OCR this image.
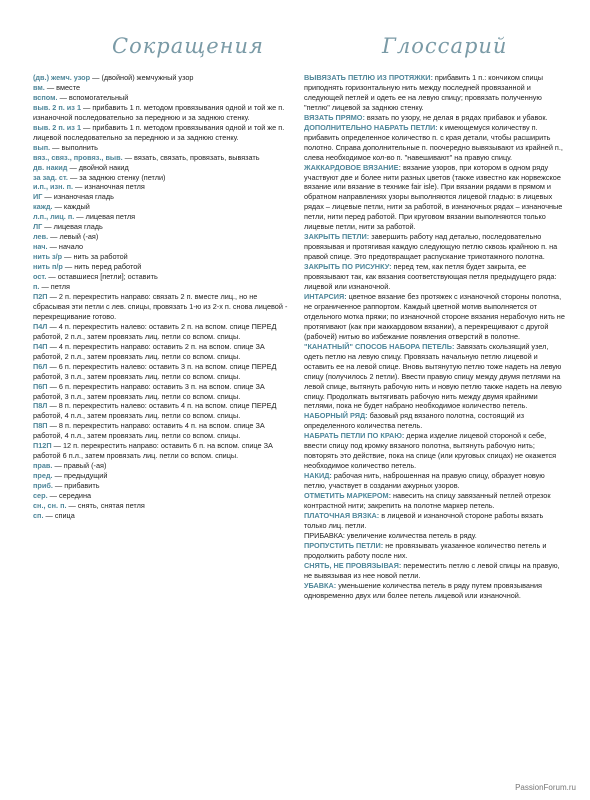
Сокращения	Глоссарий

(дв.) жемч. узор — (двойной) жемчужный узор

вм. — вместе

вспом. — вспомогательный

выв. 2 п. из 1 — прибавить 1 п. методом провязывания одной и той же п. изнаночной последовательно за переднюю и за заднюю стенку.

выв. 2 п. из 1 — прибавить 1 п. методом провязывания одной и той же п. лицевой последовательно за переднюю и за заднюю стенку.

вып. — выполнить

вяз., связ., провяз., выв. — вязать, связать, провязать, вывязать

дв. накид — двойной накид

за зад. ст. — за заднюю стенку (петли)

и.п., изн. п. — изнаночная петля

ИГ — изнаночная гладь

кажд. — каждый

л.п., лиц. п. — лицевая петля

ЛГ — лицевая гладь

лев. — левый (-ая)

нач. — начало

нить з/р — нить за работой

нить п/р — нить перед работой

ост. — оставшиеся [петли]; оставить

п. — петля

П2П — 2 п. перекрестить направо: связать 2 п. вместе лиц., но не сбрасывая эти петли с лев. спицы, провязать 1-ю из 2-х п. снова лицевой - перекрещивание готово.

П4Л — 4 п. перекрестить налево: оставить 2 п. на вспом. спице ПЕРЕД работой, 2 п.л., затем провязать лиц. петли со вспом. спицы.

П4П — 4 п. перекрестить направо: оставить 2 п. на вспом. спице ЗА работой, 2 п.л., затем провязать лиц. петли со вспом. спицы.

П6Л — 6 п. перекрестить налево: оставить 3 п. на вспом. спице ПЕРЕД работой, 3 п.л., затем провязать лиц. петли со вспом. спицы.

П6П — 6 п. перекрестить направо: оставить 3 п. на вспом. спице ЗА работой, 3 п.л., затем провязать лиц. петли со вспом. спицы.

П8Л — 8 п. перекрестить налево: оставить 4 п. на вспом. спице ПЕРЕД работой, 4 п.л., затем провязать лиц. петли со вспом. спицы.

П8П — 8 п. перекрестить направо: оставить 4 п. на вспом. спице ЗА работой, 4 п.л., затем провязать лиц. петли со вспом. спицы.

П12П — 12 п. перекрестить направо: оставить 6 п. на вспом. спице ЗА работой 6 п.л., затем провязать лиц. петли со вспом. спицы.

прав. — правый (-ая)

пред. — предыдущий

приб. — прибавить

сер. — середина

сн., сн. п. — снять, снятая петля

сп. — спица

ВЫВЯЗАТЬ ПЕТЛЮ ИЗ ПРОТЯЖКИ: прибавить 1 п.: кончиком спицы приподнять горизонтальную нить между последней провязанной и следующей петлей и одеть ее на левую спицу; провязать полученную "петлю" лицевой за заднюю стенку.

ВЯЗАТЬ ПРЯМО: вязать по узору, не делая в рядах прибавок и убавок.

ДОПОЛНИТЕЛЬНО НАБРАТЬ ПЕТЛИ: к имеющемуся количеству п. прибавить определенное количество п. с края детали, чтобы расширить полотно. Справа дополнительные п. поочередно вывязывают из крайней п., слева необходимое кол-во п. "навешивают" на правую спицу.

ЖАККАРДОВОЕ ВЯЗАНИЕ: вязание узоров, при котором в одном ряду участвуют две и более нити разных цветов (также известно как норвежское вязание или вязание в технике fair isle). При вязании рядами в прямом и обратном направлениях узоры выполняются лицевой гладью: в лицевых рядах – лицевые петли, нити за работой, в изнаночных рядах – изнаночные петли, нити перед работой. При круговом вязании выполняются только лицевые петли, нити за работой.

ЗАКРЫТЬ ПЕТЛИ: завершить работу над деталью, последовательно провязывая и протягивая каждую следующую петлю сквозь крайнюю п. на правой спице. Это предотвращает распускание трикотажного полотна.

ЗАКРЫТЬ ПО РИСУНКУ: перед тем, как петля будет закрыта, ее провязывают так, как вязания соответствующая петля предыдущего ряда: лицевой или изнаночной.

ИНТАРСИЯ: цветное вязание без протяжек с изнаночной стороны полотна, не ограниченное раппортом. Каждый цветной мотив выполняется от отдельного мотка пряжи; по изнаночной стороне вязания нерабочую нить не протягивают (как при жаккардовом вязании), а перекрещивают с другой (рабочей) нитью во избежание появления отверстий в полотне.

"КАНАТНЫЙ" СПОСОБ НАБОРА ПЕТЕЛЬ: Завязать скользящий узел, одеть петлю на левую спицу. Провязать начальную петлю лицевой и оставить ее на левой спице. Вновь вытянутую петлю тоже надеть на левую спицу (получилось 2 петли). Ввести правую спицу между двумя петлями на левой спице, вытянуть рабочую нить и новую петлю также надеть на левую спицу. Продолжать вытягивать рабочую нить между двумя крайними петлями, пока не будет набрано необходимое количество петель.

НАБОРНЫЙ РЯД: базовый ряд вязаного полотна, состоящий из определенного количества петель.

НАБРАТЬ ПЕТЛИ ПО КРАЮ: держа изделие лицевой стороной к себе, ввести спицу под кромку вязаного полотна, вытянуть рабочую нить; повторять это действие, пока на спице (или круговых спицах) не окажется необходимое количество петель.

НАКИД: рабочая нить, наброшенная на правую спицу, образует новую петлю, участвует в создании ажурных узоров.

ОТМЕТИТЬ МАРКЕРОМ: навесить на спицу завязанный петлей отрезок контрастной нити; закрепить на полотне маркер петель.

ПЛАТОЧНАЯ ВЯЗКА: в лицевой и изнаночной стороне работы вязать только лиц. петли.

ПРИБАВКА: увеличение количества петель в ряду.

ПРОПУСТИТЬ ПЕТЛИ: не провязывать указанное количество петель и продолжить работу после них.

СНЯТЬ, НЕ ПРОВЯЗЫВАЯ: переместить петлю с левой спицы на правую, не вывязывая из нее новой петли.

УБАВКА: уменьшение количества петель в ряду путем провязывания одновременно двух или более петель лицевой или изнаночной.

PassionForum.ru
